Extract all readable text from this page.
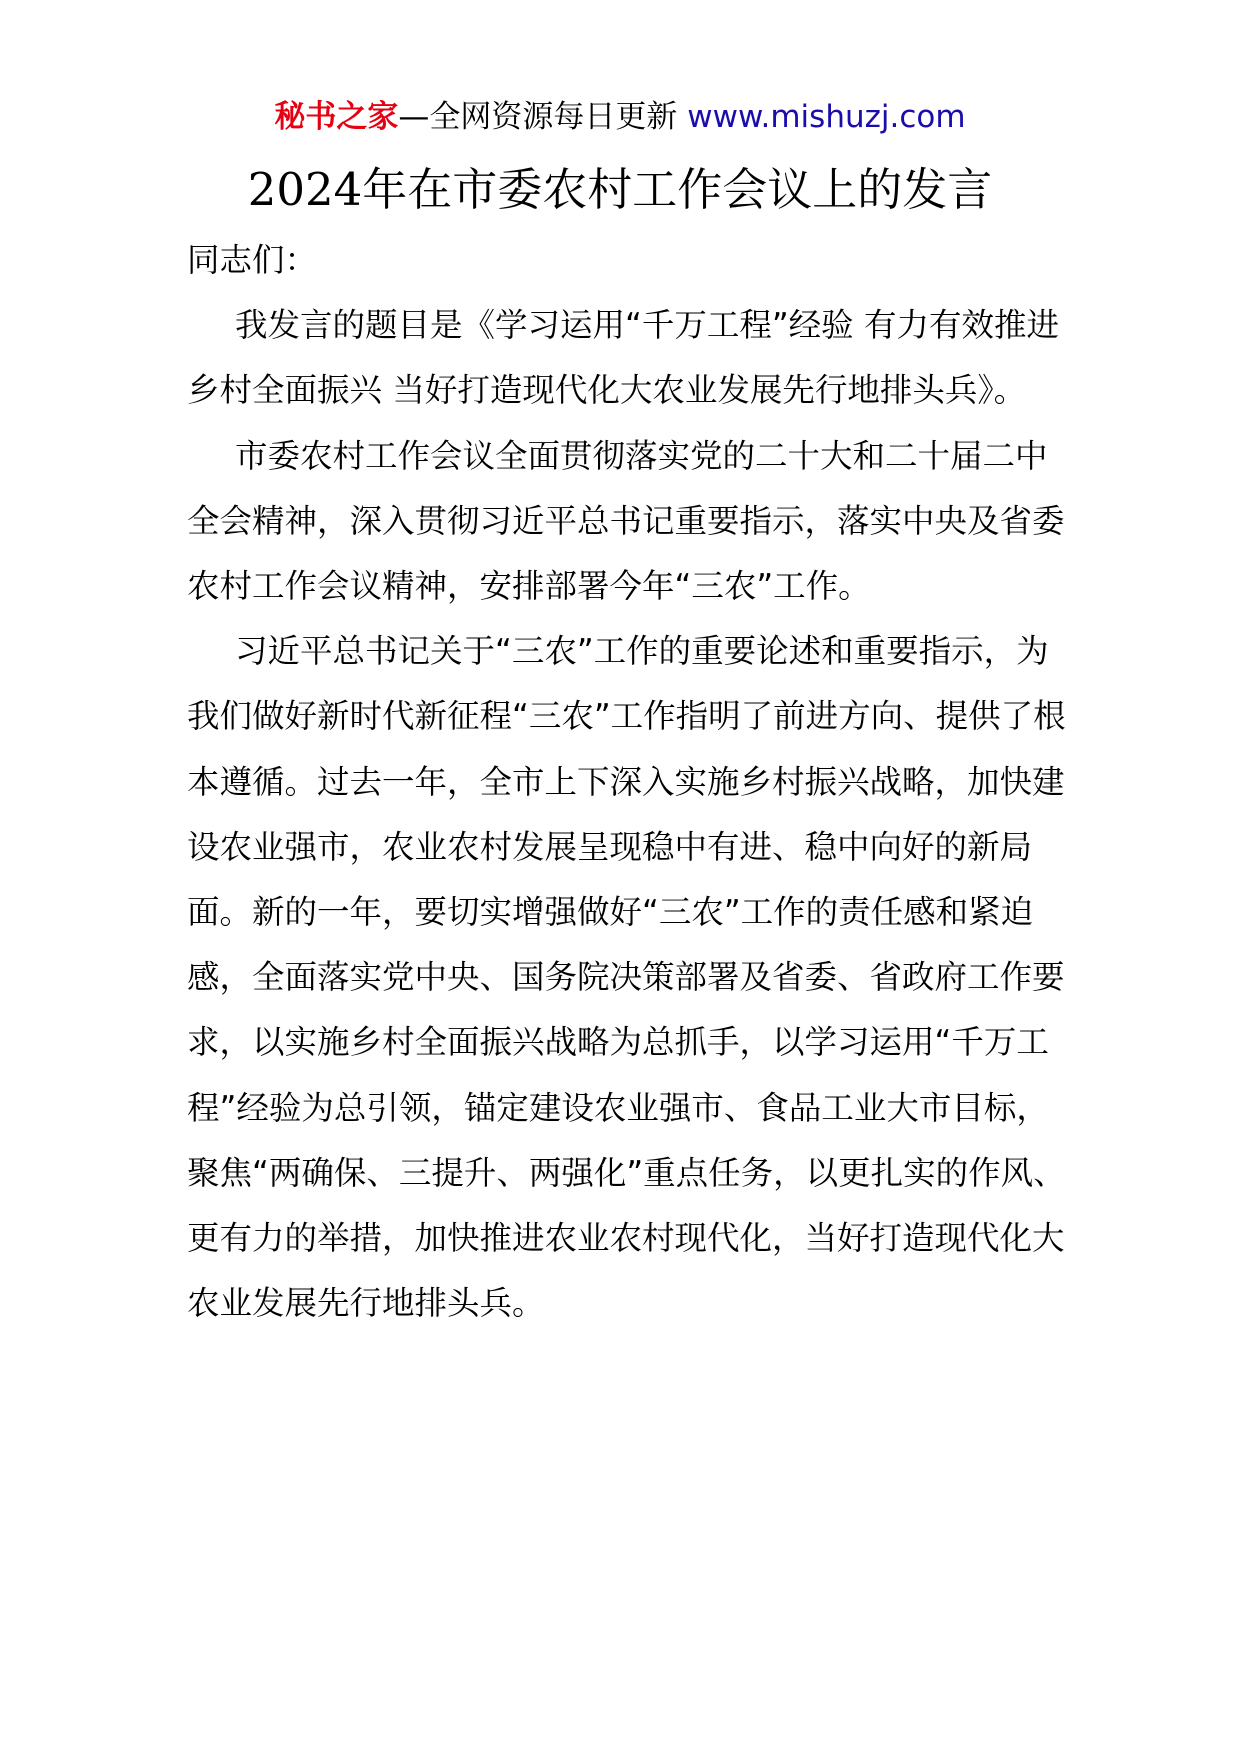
秘书之家—全网资源每日更新 www.mishuzj.com
2024年在市委农村工作会议上的发言

同志们：

我发言的题目是《学习运用“千万工程”经验 有力有效推进乡村全面振兴 当好打造现代化大农业发展先行地排头兵》。

市委农村工作会议全面贯彻落实党的二十大和二十届二中全会精神，深入贯彻习近平总书记重要指示，落实中央及省委农村工作会议精神，安排部署今年“三农”工作。

习近平总书记关于“三农”工作的重要论述和重要指示，为我们做好新时代新征程“三农”工作指明了前进方向、提供了根本遵循。过去一年，全市上下深入实施乡村振兴战略，加快建设农业强市，农业农村发展呈现稳中有进、稳中向好的新局面。新的一年，要切实增强做好“三农”工作的责任感和紧迫感，全面落实党中央、国务院决策部署及省委、省政府工作要求，以实施乡村全面振兴战略为总抓手，以学习运用“千万工程”经验为总引领，锚定建设农业强市、食品工业大市目标，聚焦“两确保、三提升、两强化”重点任务，以更扎实的作风、更有力的举措，加快推进农业农村现代化，当好打造现代化大农业发展先行地排头兵。
